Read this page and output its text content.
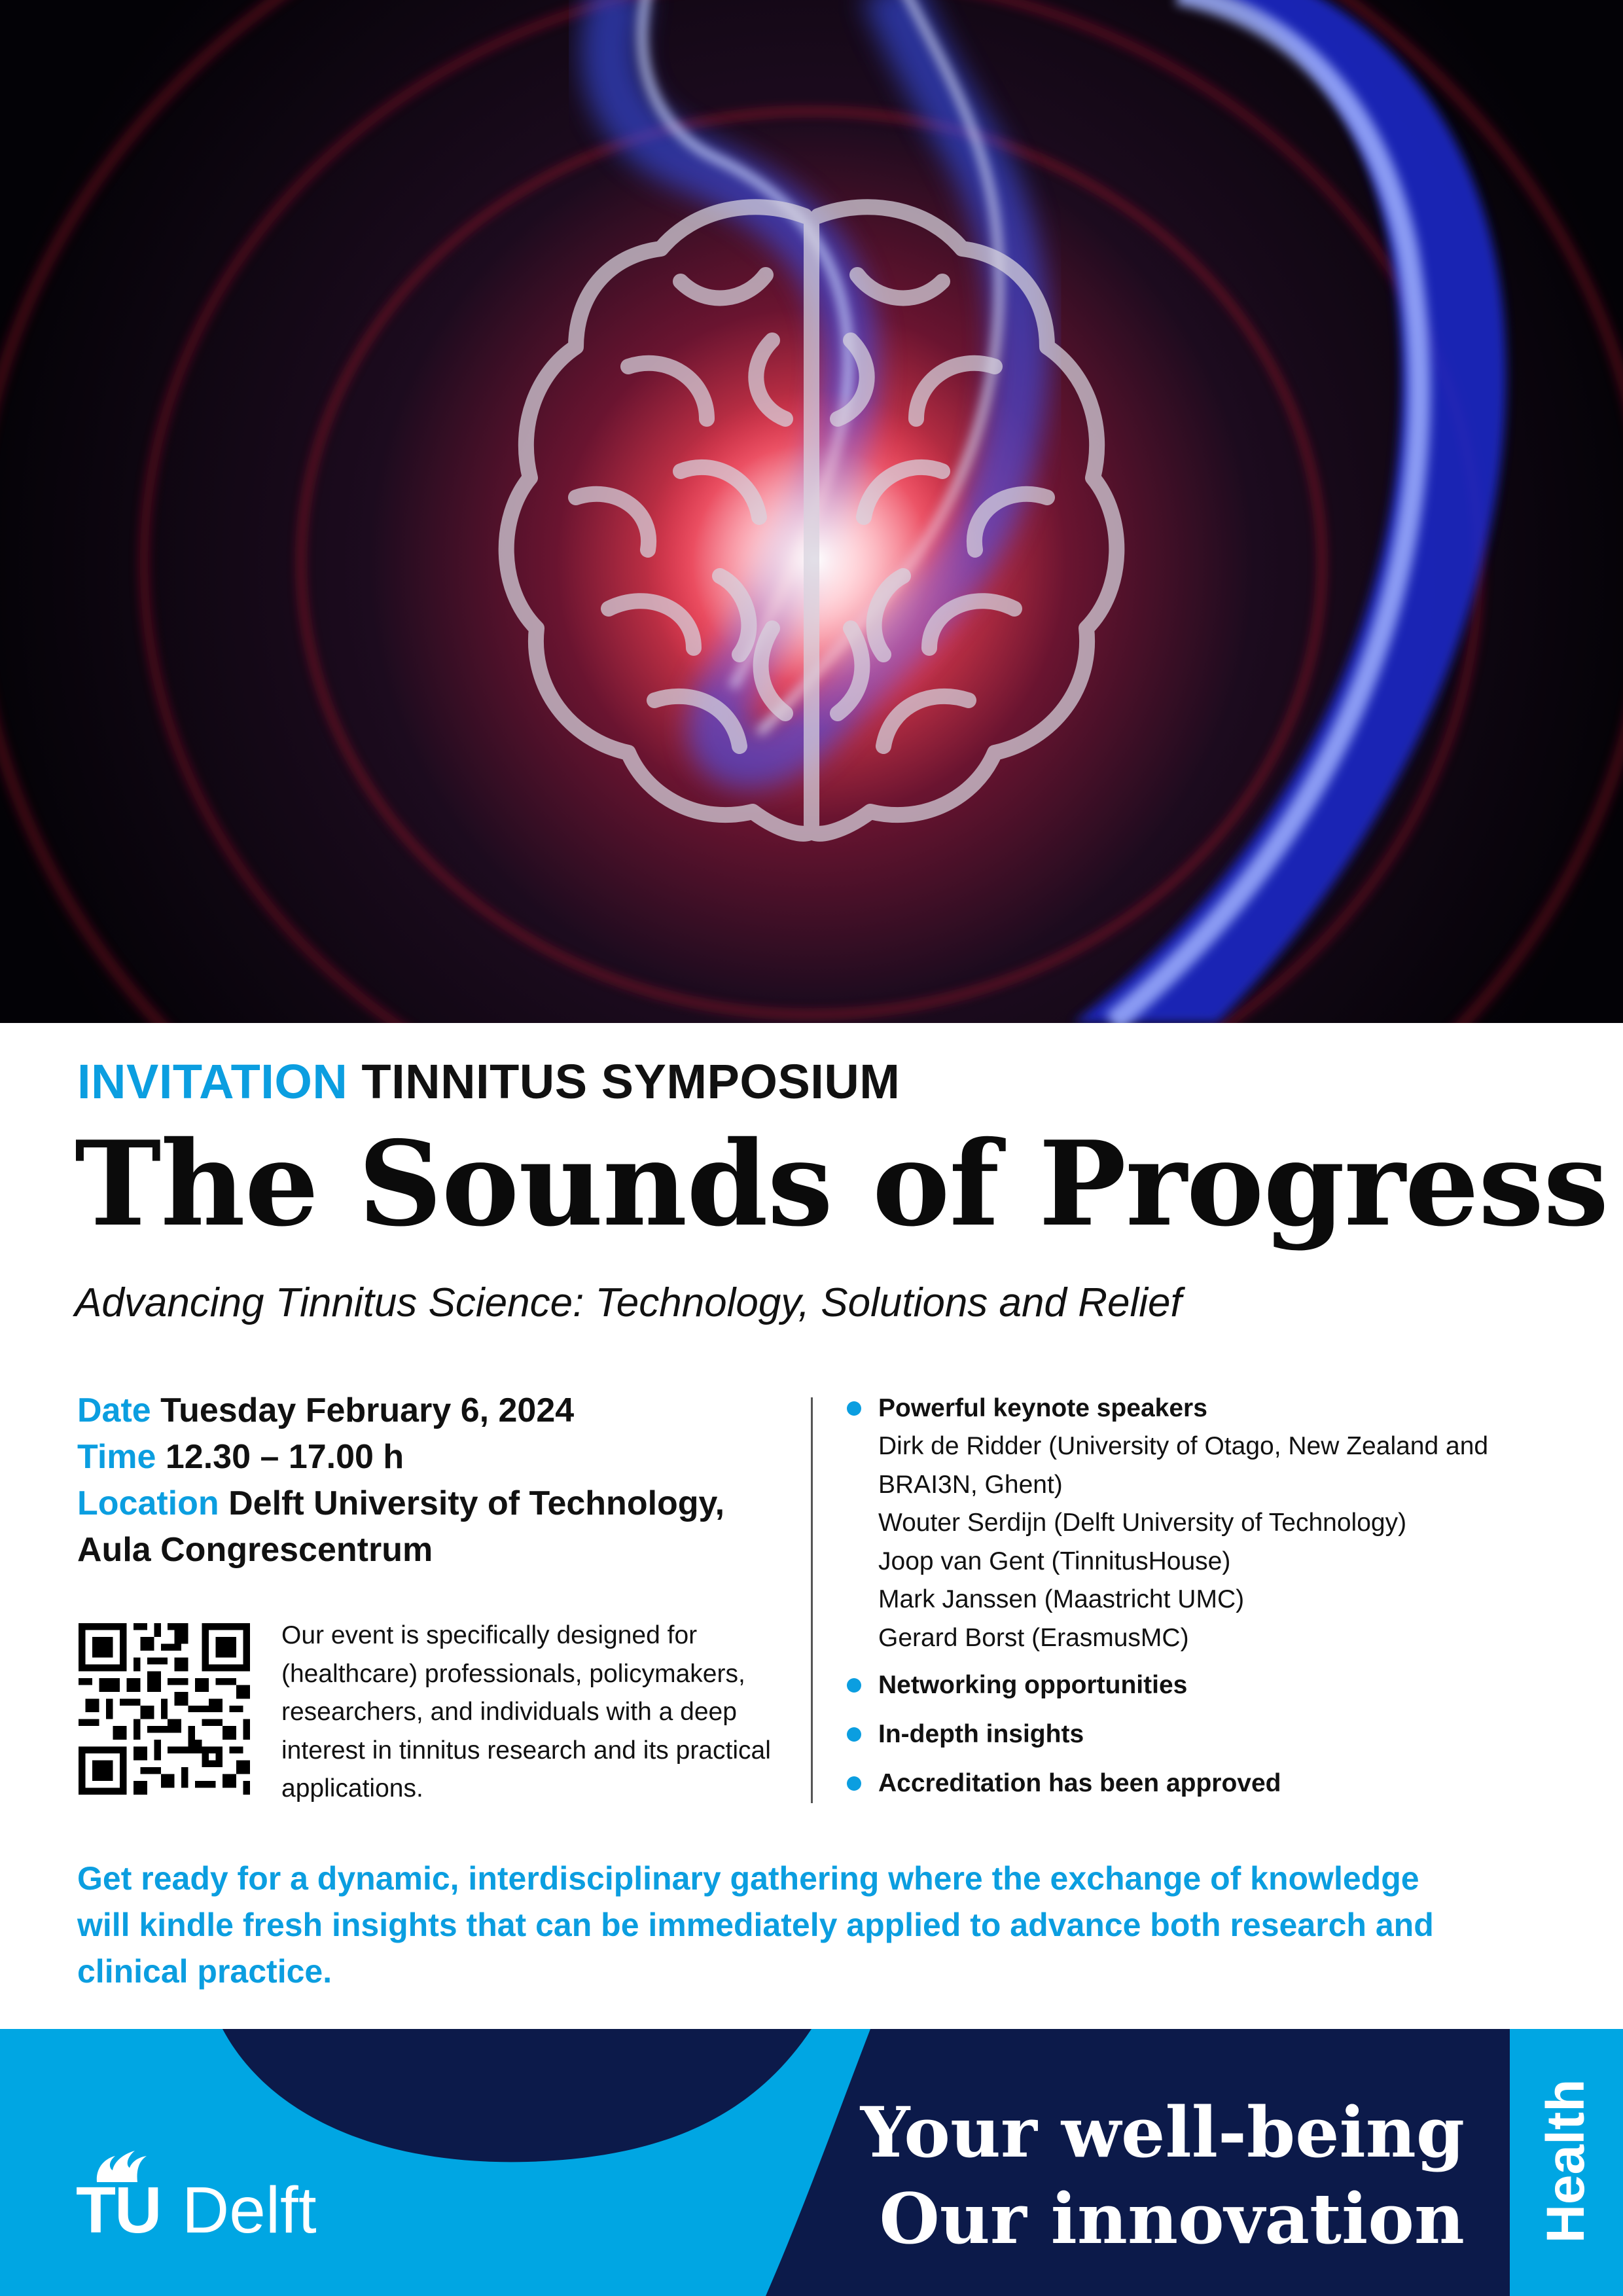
INVITATION TINNITUS SYMPOSIUM
The Sounds of Progress
Advancing Tinnitus Science: Technology, Solutions and Relief
Date Tuesday February 6, 2024
Time 12.30 – 17.00 h
Location Delft University of Technology,
Aula Congrescentrum
Our event is specifically designed for (healthcare) professionals, policymakers, researchers, and individuals with a deep interest in tinnitus research and its practical applications.
Powerful keynote speakers
Dirk de Ridder (University of Otago, New Zealand and BRAI3N, Ghent)
Wouter Serdijn (Delft University of Technology)
Joop van Gent (TinnitusHouse)
Mark Janssen (Maastricht UMC)
Gerard Borst (ErasmusMC)
Networking opportunities
In-depth insights
Accreditation has been approved
Get ready for a dynamic, interdisciplinary gathering where the exchange of knowledge will kindle fresh insights that can be immediately applied to advance both research and clinical practice.
Your well-being
Our innovation Health
TU Delft
